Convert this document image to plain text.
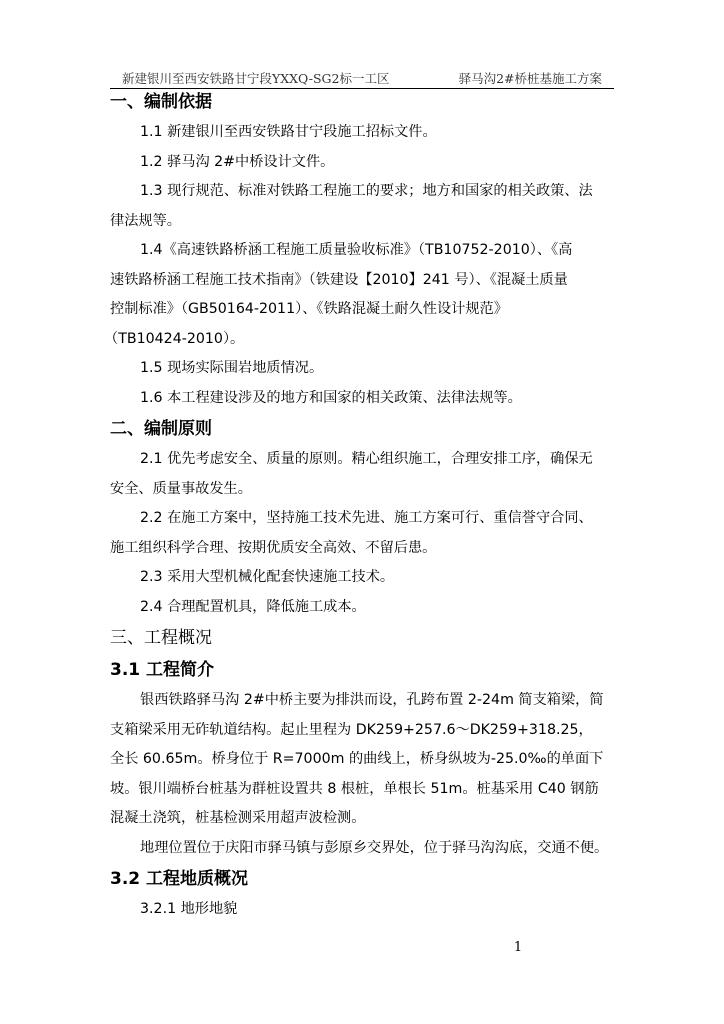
新建银川至西安铁路甘宁段YXXQ-SG2标一工区	驿马沟2#桥桩基施工方案
一、编制依据
1.1 新建银川至西安铁路甘宁段施工招标文件。
1.2 驿马沟 2#中桥设计文件。
1.3 现行规范、标准对铁路工程施工的要求；地方和国家的相关政策、法
律法规等。
1.4《高速铁路桥涵工程施工质量验收标准》（TB10752-2010）、《高
速铁路桥涵工程施工技术指南》（铁建设【2010】241 号）、《混凝土质量
控制标准》（GB50164-2011）、《铁路混凝土耐久性设计规范》
（TB10424-2010）。
1.5 现场实际围岩地质情况。
1.6 本工程建设涉及的地方和国家的相关政策、法律法规等。
二、编制原则
2.1 优先考虑安全、质量的原则。精心组织施工，合理安排工序，确保无
安全、质量事故发生。
2.2 在施工方案中，坚持施工技术先进、施工方案可行、重信誉守合同、
施工组织科学合理、按期优质安全高效、不留后患。
2.3 采用大型机械化配套快速施工技术。
2.4 合理配置机具，降低施工成本。
三、工程概况
3.1 工程简介
银西铁路驿马沟 2#中桥主要为排洪而设，孔跨布置 2-24m 简支箱梁，简
支箱梁采用无砟轨道结构。起止里程为 DK259+257.6～DK259+318.25，
全长 60.65m。桥身位于 R=7000m 的曲线上，桥身纵坡为-25.0‰的单面下
坡。银川端桥台桩基为群桩设置共 8 根桩，单根长 51m。桩基采用 C40 钢筋
混凝土浇筑，桩基检测采用超声波检测。
地理位置位于庆阳市驿马镇与彭原乡交界处，位于驿马沟沟底，交通不便。
3.2 工程地质概况
3.2.1 地形地貌
1
